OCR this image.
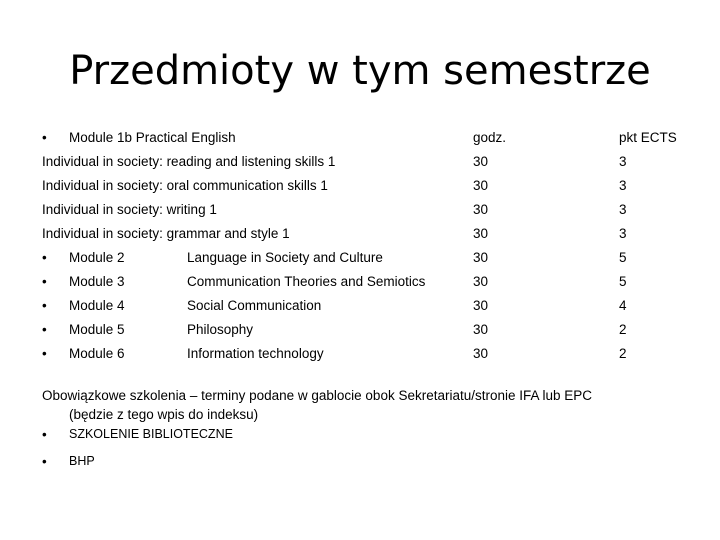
Przedmioty w tym semestrze
• Module 1b Practical English	godz.	pkt ECTS
Individual in society: reading and listening skills 1	30	3
Individual in society: oral communication skills 1	30	3
Individual in society: writing 1	30	3
Individual in society: grammar and style 1	30	3
• Module 2	Language in Society and Culture	30	5
• Module 3	Communication Theories and Semiotics	30	5
• Module 4	Social Communication	30	4
• Module 5	Philosophy	30	2
• Module 6	Information technology	30	2
Obowiązkowe szkolenia – terminy podane w gablocie obok Sekretariatu/stronie IFA lub EPC
(będzie z tego wpis do indeksu)
• SZKOLENIE BIBLIOTECZNE
• BHP
